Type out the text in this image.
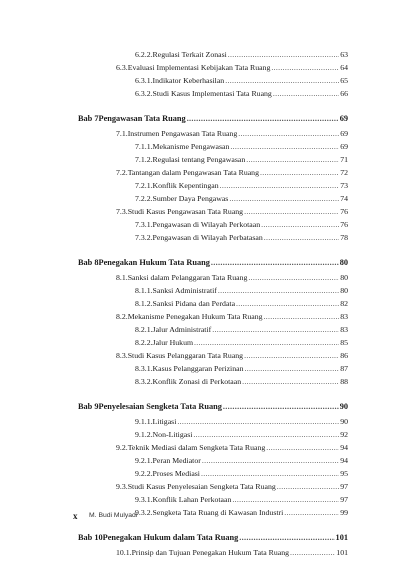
6.2.2. Regulasi Terkait Zonasi .....	63
6.3. Evaluasi Implementasi Kebijakan Tata Ruang .....	64
6.3.1. Indikator Keberhasilan .....	65
6.3.2. Studi Kasus Implementasi Tata Ruang .....	66
Bab 7 Pengawasan Tata Ruang .....	69
7.1. Instrumen Pengawasan Tata Ruang .....	69
7.1.1. Mekanisme Pengawasan .....	69
7.1.2. Regulasi tentang Pengawasan .....	71
7.2. Tantangan dalam Pengawasan Tata Ruang .....	72
7.2.1. Konflik Kepentingan .....	73
7.2.2. Sumber Daya Pengawas .....	74
7.3. Studi Kasus Pengawasan Tata Ruang .....	76
7.3.1. Pengawasan di Wilayah Perkotaan .....	76
7.3.2. Pengawasan di Wilayah Perbatasan .....	78
Bab 8 Penegakan Hukum Tata Ruang .....	80
8.1. Sanksi dalam Pelanggaran Tata Ruang .....	80
8.1.1. Sanksi Administratif .....	80
8.1.2. Sanksi Pidana dan Perdata .....	82
8.2. Mekanisme Penegakan Hukum Tata Ruang .....	83
8.2.1. Jalur Administratif .....	83
8.2.2. Jalur Hukum .....	85
8.3. Studi Kasus Pelanggaran Tata Ruang .....	86
8.3.1. Kasus Pelanggaran Perizinan .....	87
8.3.2. Konflik Zonasi di Perkotaan .....	88
Bab 9 Penyelesaian Sengketa Tata Ruang .....	90
9.1.1. Litigasi .....	90
9.1.2. Non-Litigasi .....	92
9.2. Teknik Mediasi dalam Sengketa Tata Ruang .....	94
9.2.1. Peran Mediator .....	94
9.2.2. Proses Mediasi .....	95
9.3. Studi Kasus Penyelesaian Sengketa Tata Ruang .....	97
9.3.1. Konflik Lahan Perkotaan .....	97
9.3.2. Sengketa Tata Ruang di Kawasan Industri .....	99
Bab 10 Penegakan Hukum dalam Tata Ruang .....	101
10.1. Prinsip dan Tujuan Penegakan Hukum Tata Ruang .....	101
x M. Budi Mulyadi
